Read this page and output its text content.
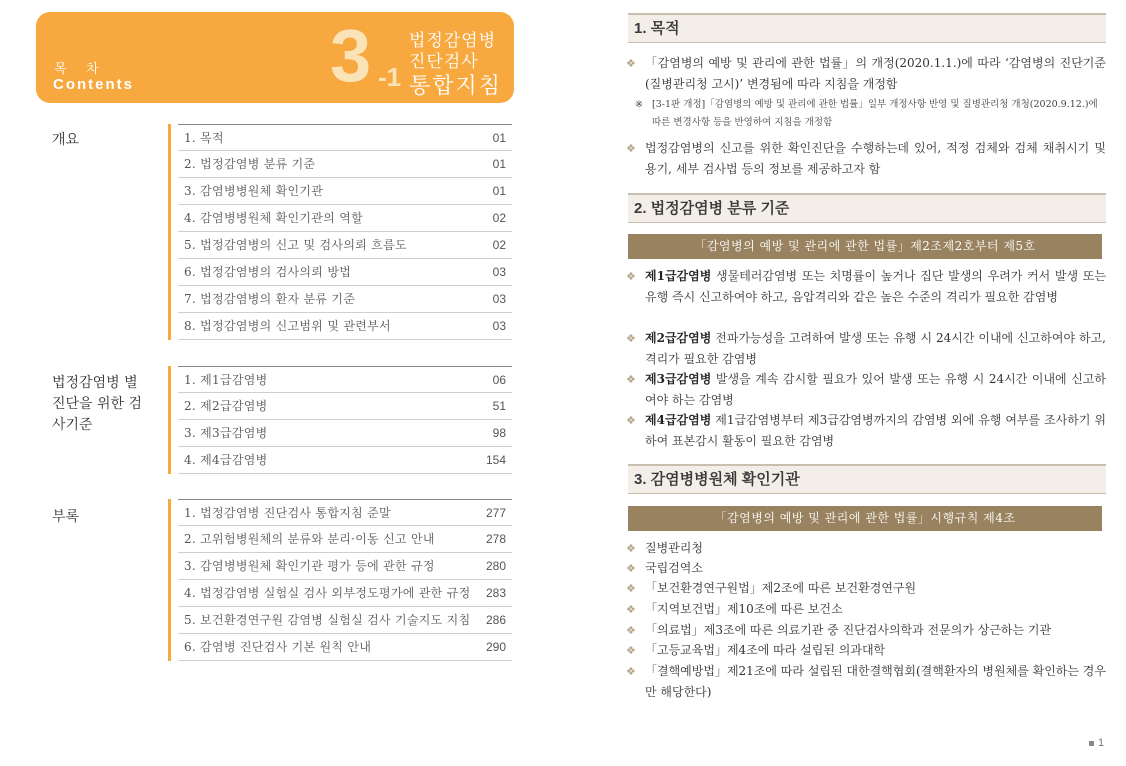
목 차
Contents	3 -1
법정감염병
진단검사
통합지침
개요	1. 목적	01
2. 법정감염병 분류 기준	01
3. 감염병병원체 확인기관	01
4. 감염병병원체 확인기관의 역할	02
5. 법정감염병의 신고 및 검사의뢰 흐름도	02
6. 법정감염병의 검사의뢰 방법	03
7. 법정감염병의 환자 분류 기준	03
8. 법정감염병의 신고범위 및 관련부서	03
법정감염병 별 진단을 위한 검사기준
1. 제1급감염병	06
2. 제2급감염병	51
3. 제3급감염병	98
4. 제4급감염병	154
부록	1. 법정감염병 진단검사 통합지침 준말	277
2. 고위험병원체의 분류와 분리·이동 신고 안내	278
3. 감염병병원체 확인기관 평가 등에 관한 규정	280
4. 법정감염병 실험실 검사 외부정도평가에 관한 규정 283
5. 보건환경연구원 감염병 실험실 검사 기술지도 지침 286
6. 감염병 진단검사 기본 원칙 안내	290
1. 목적
❖ 「감염병의 예방 및 관리에 관한 법률」의 개정(2020.1.1.)에 따라 ‘감염병의 진단기준(질병관리청 고시)’ 변경됨에 따라 지침을 개정함
※ [3-1판 개정]「감염병의 예방 및 관리에 관한 법률」일부 개정사항 반영 및 질병관리청 개청(2020.9.12.)에 따른 변경사항 등을 반영하여 지침을 개정함
❖ 법정감염병의 신고를 위한 확인진단을 수행하는데 있어, 적정 검체와 검체 채취시기 및 용기, 세부 검사법 등의 정보를 제공하고자 함
2. 법정감염병 분류 기준
「감염병의 예방 및 관리에 관한 법률」제2조제2호부터 제5호
❖ 제1급감염병 생물테러감염병 또는 치명률이 높거나 집단 발생의 우려가 커서 발생 또는 유행 즉시 신고하여야 하고, 음압격리와 같은 높은 수준의 격리가 필요한 감염병
❖ 제2급감염병 전파가능성을 고려하여 발생 또는 유행 시 24시간 이내에 신고하여야 하고, 격리가 필요한 감염병
❖ 제3급감염병 발생을 계속 감시할 필요가 있어 발생 또는 유행 시 24시간 이내에 신고하여야 하는 감염병
❖ 제4급감염병 제1급감염병부터 제3급감염병까지의 감염병 외에 유행 여부를 조사하기 위하여 표본감시 활동이 필요한 감염병
3. 감염병병원체 확인기관
「감염병의 예방 및 관리에 관한 법률」시행규칙 제4조
❖ 질병관리청
❖ 국립검역소
❖ 「보건환경연구원법」제2조에 따른 보건환경연구원
❖ 「지역보건법」제10조에 따른 보건소
❖ 「의료법」제3조에 따른 의료기관 중 진단검사의학과 전문의가 상근하는 기관
❖ 「고등교육법」제4조에 따라 설립된 의과대학
❖ 「결핵예방법」제21조에 따라 설립된 대한결핵협회(결핵환자의 병원체를 확인하는 경우만 해당한다)
1
